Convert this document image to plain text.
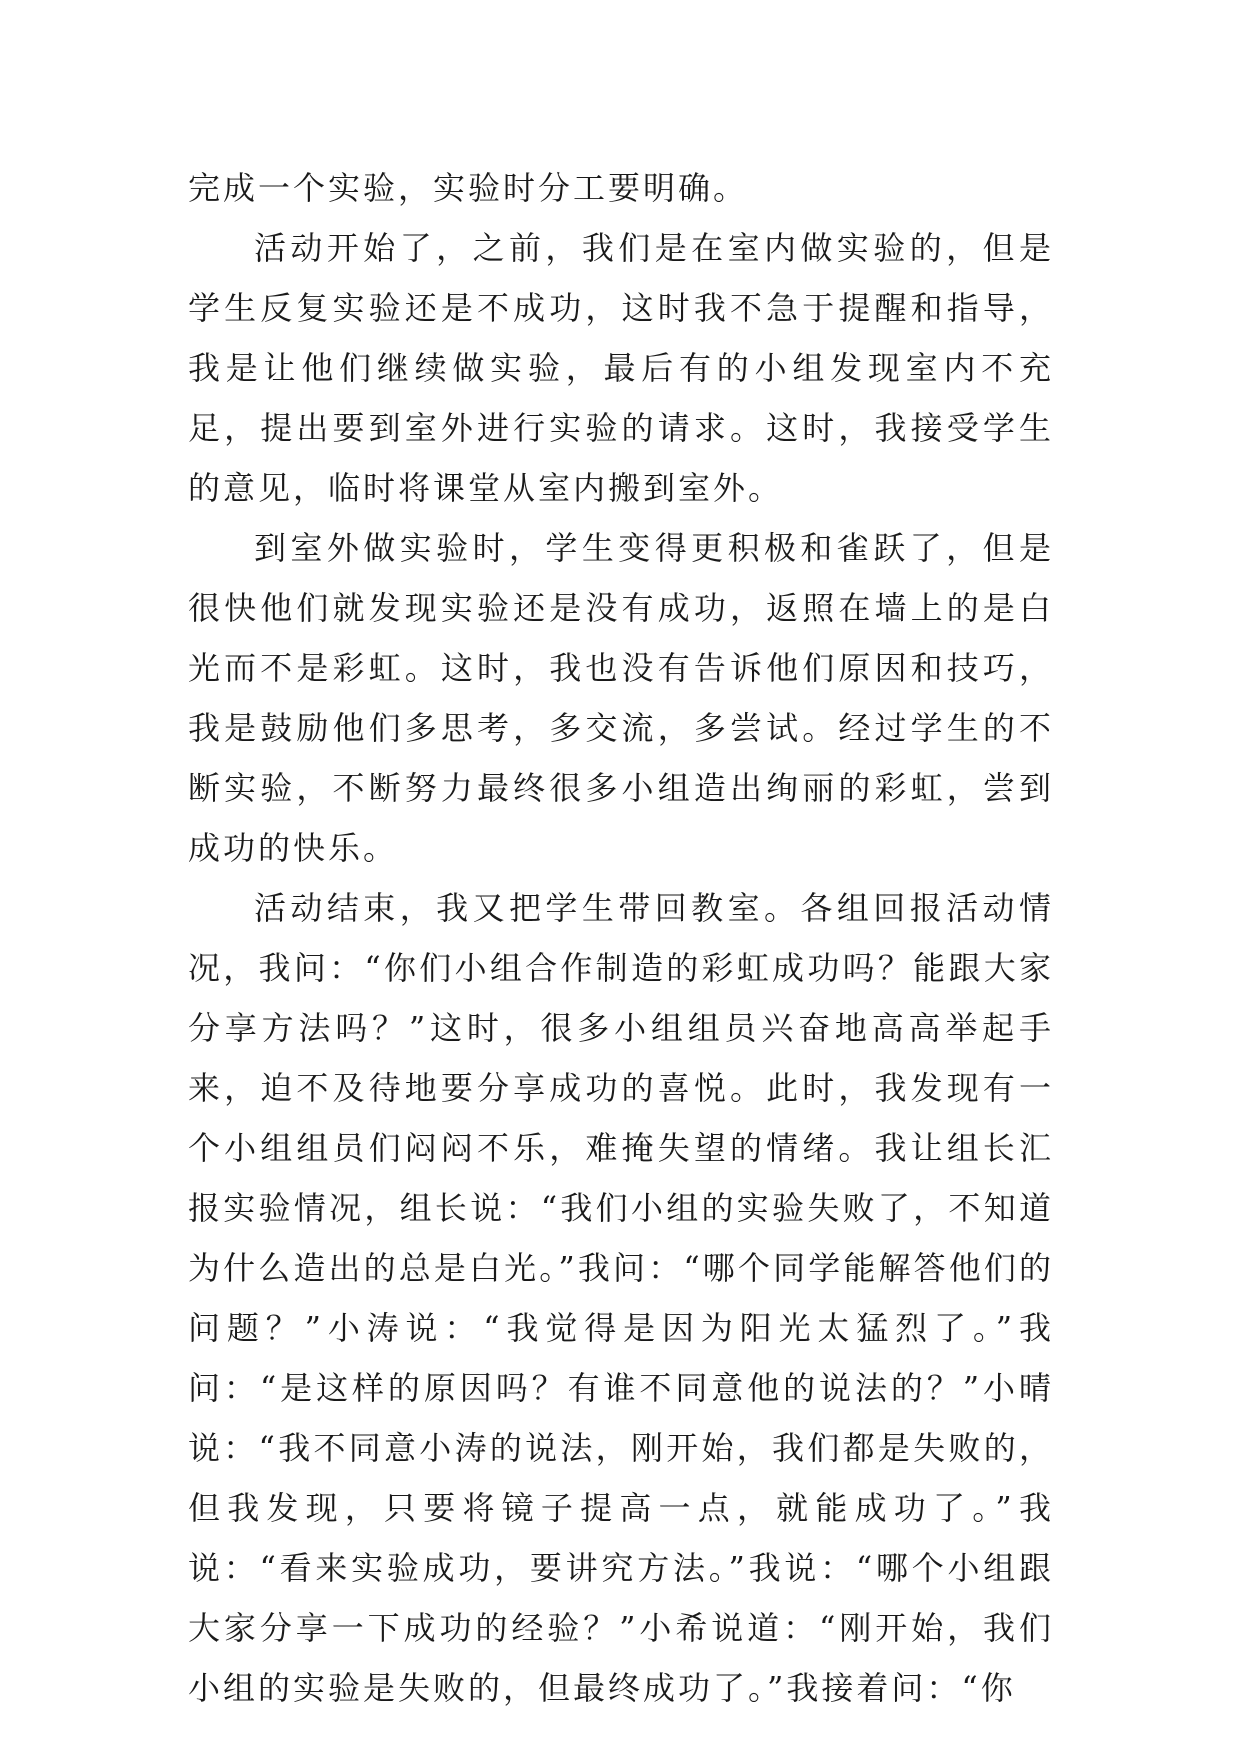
完成一个实验，实验时分工要明确。

活动开始了，之前，我们是在室内做实验的，但是学生反复实验还是不成功，这时我不急于提醒和指导，我是让他们继续做实验，最后有的小组发现室内不充足，提出要到室外进行实验的请求。这时，我接受学生的意见，临时将课堂从室内搬到室外。

到室外做实验时，学生变得更积极和雀跃了，但是很快他们就发现实验还是没有成功，返照在墙上的是白光而不是彩虹。这时，我也没有告诉他们原因和技巧，我是鼓励他们多思考，多交流，多尝试。经过学生的不断实验，不断努力最终很多小组造出绚丽的彩虹，尝到成功的快乐。

活动结束，我又把学生带回教室。各组回报活动情况，我问：“你们小组合作制造的彩虹成功吗？能跟大家分享方法吗？”这时，很多小组组员兴奋地高高举起手来，迫不及待地要分享成功的喜悦。此时，我发现有一个小组组员们闷闷不乐，难掩失望的情绪。我让组长汇报实验情况，组长说：“我们小组的实验失败了，不知道为什么造出的总是白光。”我问：“哪个同学能解答他们的问题？”小涛说：“我觉得是因为阳光太猛烈了。”我问：“是这样的原因吗？有谁不同意他的说法的？”小晴说：“我不同意小涛的说法，刚开始，我们都是失败的，但我发现，只要将镜子提高一点，就能成功了。”我说：“看来实验成功，要讲究方法。”我说：“哪个小组跟大家分享一下成功的经验？”小希说道：“刚开始，我们小组的实验是失败的，但最终成功了。”我接着问：“你
